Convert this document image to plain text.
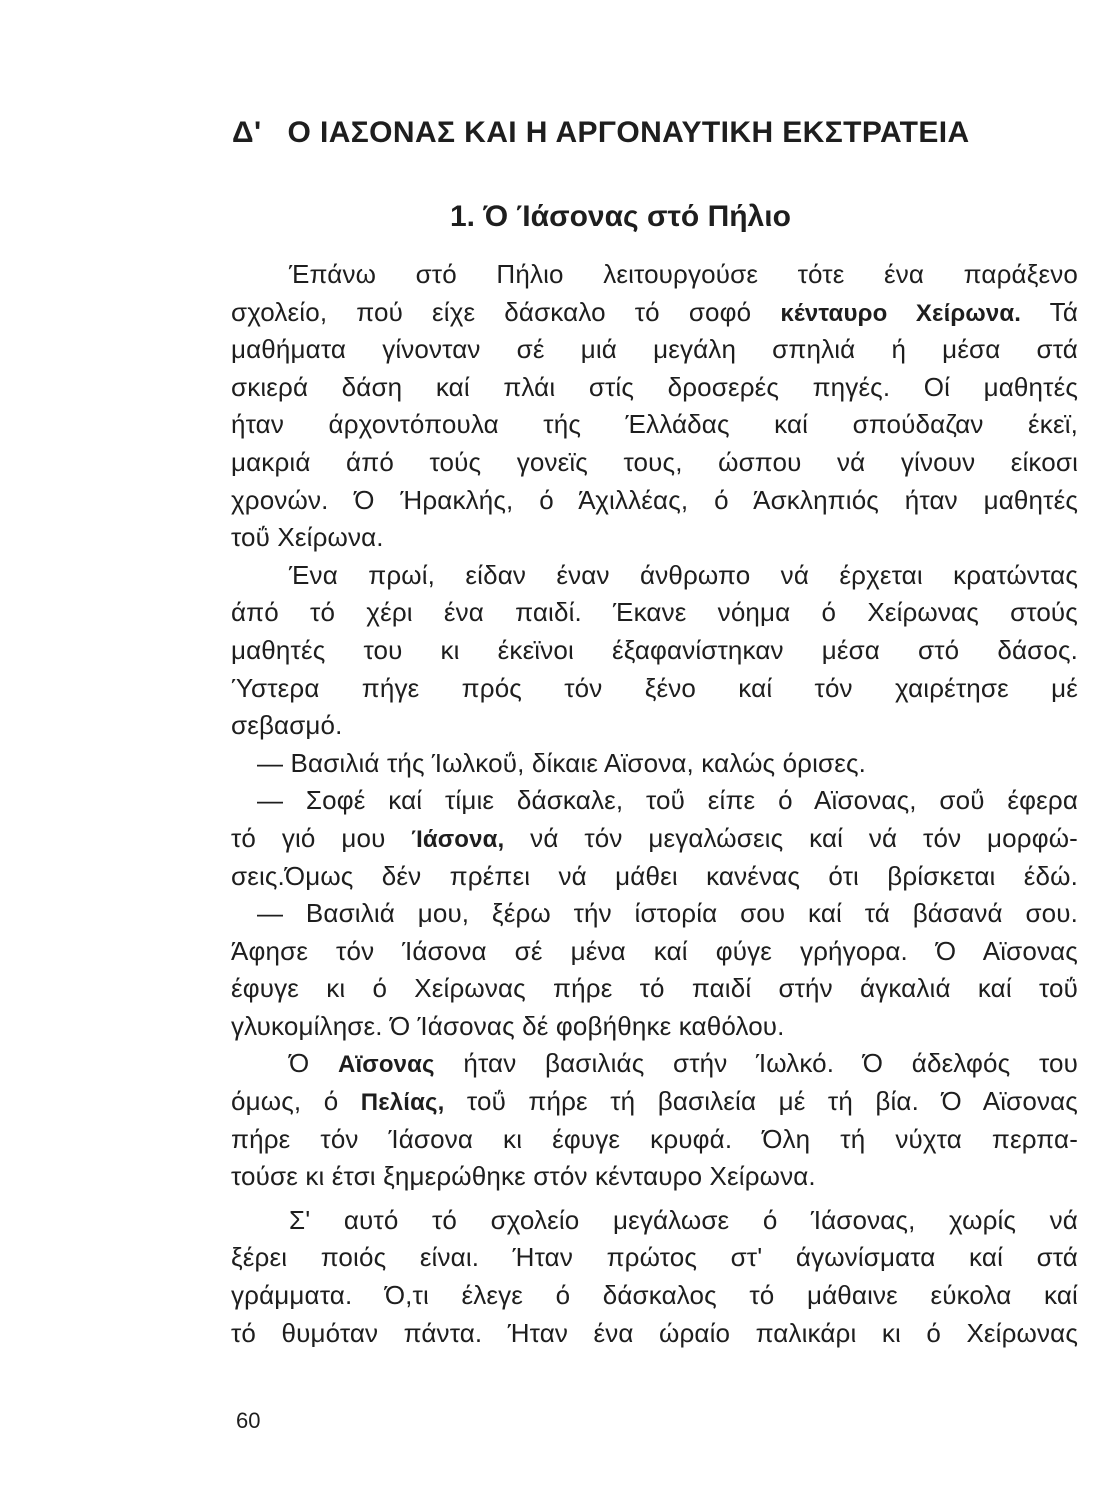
Δ' Ο ΙΑΣΟΝΑΣ ΚΑΙ Η ΑΡΓΟΝΑΥΤΙΚΗ ΕΚΣΤΡΑΤΕΙΑ
1. Ό Ίάσονας στό Πήλιο
Έπάνω στό Πήλιο λειτουργούσε τότε ένα παράξενο
σχολείο, πού είχε δάσκαλο τό σοφό κένταυρο Χείρωνα. Τά
μαθήματα γίνονταν σέ μιά μεγάλη σπηλιά ή μέσα στά
σκιερά δάση καί πλάι στίς δροσερές πηγές. Οί μαθητές
ήταν άρχοντόπουλα τής Έλλάδας καί σπούδαζαν έκεϊ,
μακριά άπό τούς γονεϊς τους, ώσπου νά γίνουν είκοσι
χρονών. Ό Ήρακλής, ό Άχιλλέας, ό Άσκληπιός ήταν μαθητές
τοΰ Χείρωνα.
Ένα πρωί, είδαν έναν άνθρωπο νά έρχεται κρατώντας
άπό τό χέρι ένα παιδί. Έκανε νόημα ό Χείρωνας στούς
μαθητές του κι έκεϊνοι έξαφανίστηκαν μέσα στό δάσος.
Ύστερα πήγε πρός τόν ξένο καί τόν χαιρέτησε μέ
σεβασμό.
— Βασιλιά τής Ίωλκοΰ, δίκαιε Αϊσονα, καλώς όρισες.
— Σοφέ καί τίμιε δάσκαλε, τοΰ είπε ό Αϊσονας, σοΰ έφερα
τό γιό μου Ίάσονα, νά τόν μεγαλώσεις καί νά τόν μορφώ-
σεις.Όμως δέν πρέπει νά μάθει κανένας ότι βρίσκεται έδώ.
— Βασιλιά μου, ξέρω τήν ίστορία σου καί τά βάσανά σου.
Άφησε τόν Ίάσονα σέ μένα καί φύγε γρήγορα. Ό Αϊσονας
έφυγε κι ό Χείρωνας πήρε τό παιδί στήν άγκαλιά καί τοΰ
γλυκομίλησε. Ό Ίάσονας δέ φοβήθηκε καθόλου.
Ό Αϊσονας ήταν βασιλιάς στήν Ίωλκό. Ό άδελφός του
όμως, ό Πελίας, τοΰ πήρε τή βασιλεία μέ τή βία. Ό Αϊσονας
πήρε τόν Ίάσονα κι έφυγε κρυφά. Όλη τή νύχτα περπα-
τούσε κι έτσι ξημερώθηκε στόν κένταυρο Χείρωνα.
Σ' αυτό τό σχολείο μεγάλωσε ό Ίάσονας, χωρίς νά
ξέρει ποιός είναι. Ήταν πρώτος στ' άγωνίσματα καί στά
γράμματα. Ό,τι έλεγε ό δάσκαλος τό μάθαινε εύκολα καί
τό θυμόταν πάντα. Ήταν ένα ώραίο παλικάρι κι ό Χείρωνας

60
